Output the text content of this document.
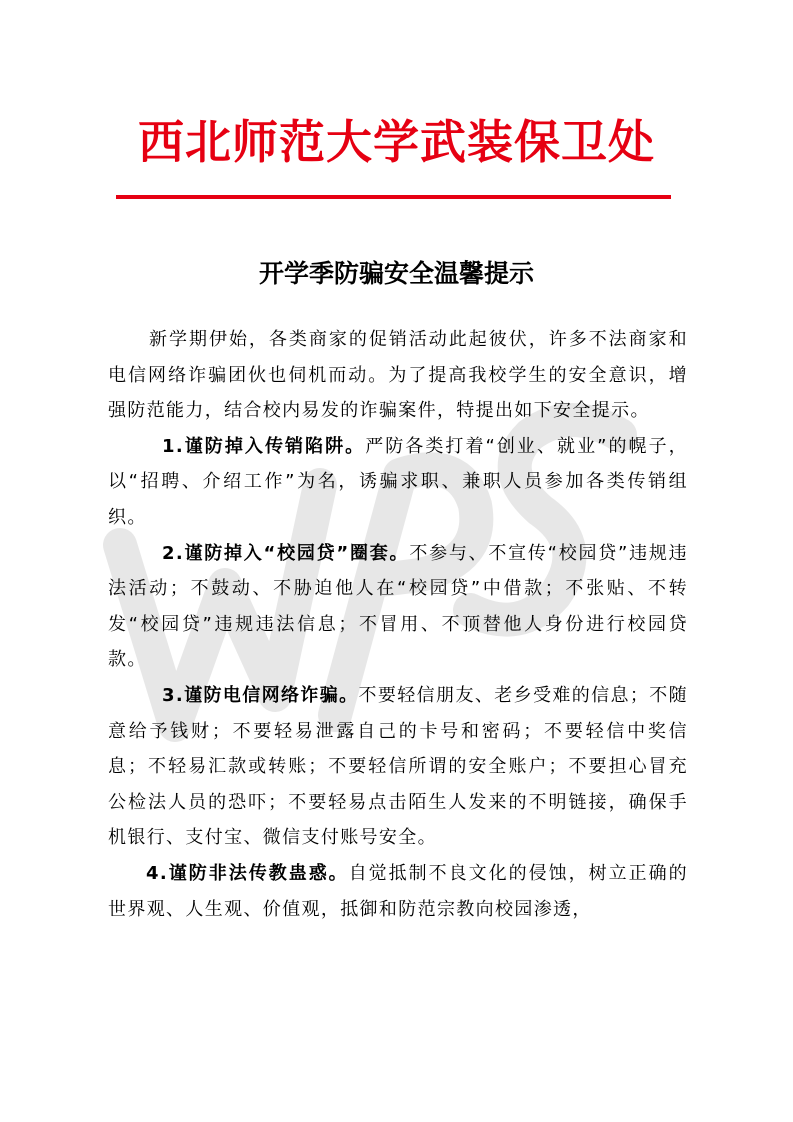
西北师范大学武装保卫处
开学季防骗安全温馨提示

新学期伊始，各类商家的促销活动此起彼伏，许多不法商家和电信网络诈骗团伙也伺机而动。为了提高我校学生的安全意识，增强防范能力，结合校内易发的诈骗案件，特提出如下安全提示。

1.谨防掉入传销陷阱。严防各类打着“创业、就业”的幌子，以“招聘、介绍工作”为名，诱骗求职、兼职人员参加各类传销组织。

2.谨防掉入“校园贷”圈套。不参与、不宣传“校园贷”违规违法活动；不鼓动、不胁迫他人在“校园贷”中借款；不张贴、不转发“校园贷”违规违法信息；不冒用、不顶替他人身份进行校园贷款。

3.谨防电信网络诈骗。不要轻信朋友、老乡受难的信息；不随意给予钱财；不要轻易泄露自己的卡号和密码；不要轻信中奖信息；不轻易汇款或转账；不要轻信所谓的安全账户；不要担心冒充公检法人员的恐吓；不要轻易点击陌生人发来的不明链接，确保手机银行、支付宝、微信支付账号安全。

4.谨防非法传教蛊惑。自觉抵制不良文化的侵蚀，树立正确的世界观、人生观、价值观，抵御和防范宗教向校园渗透，
